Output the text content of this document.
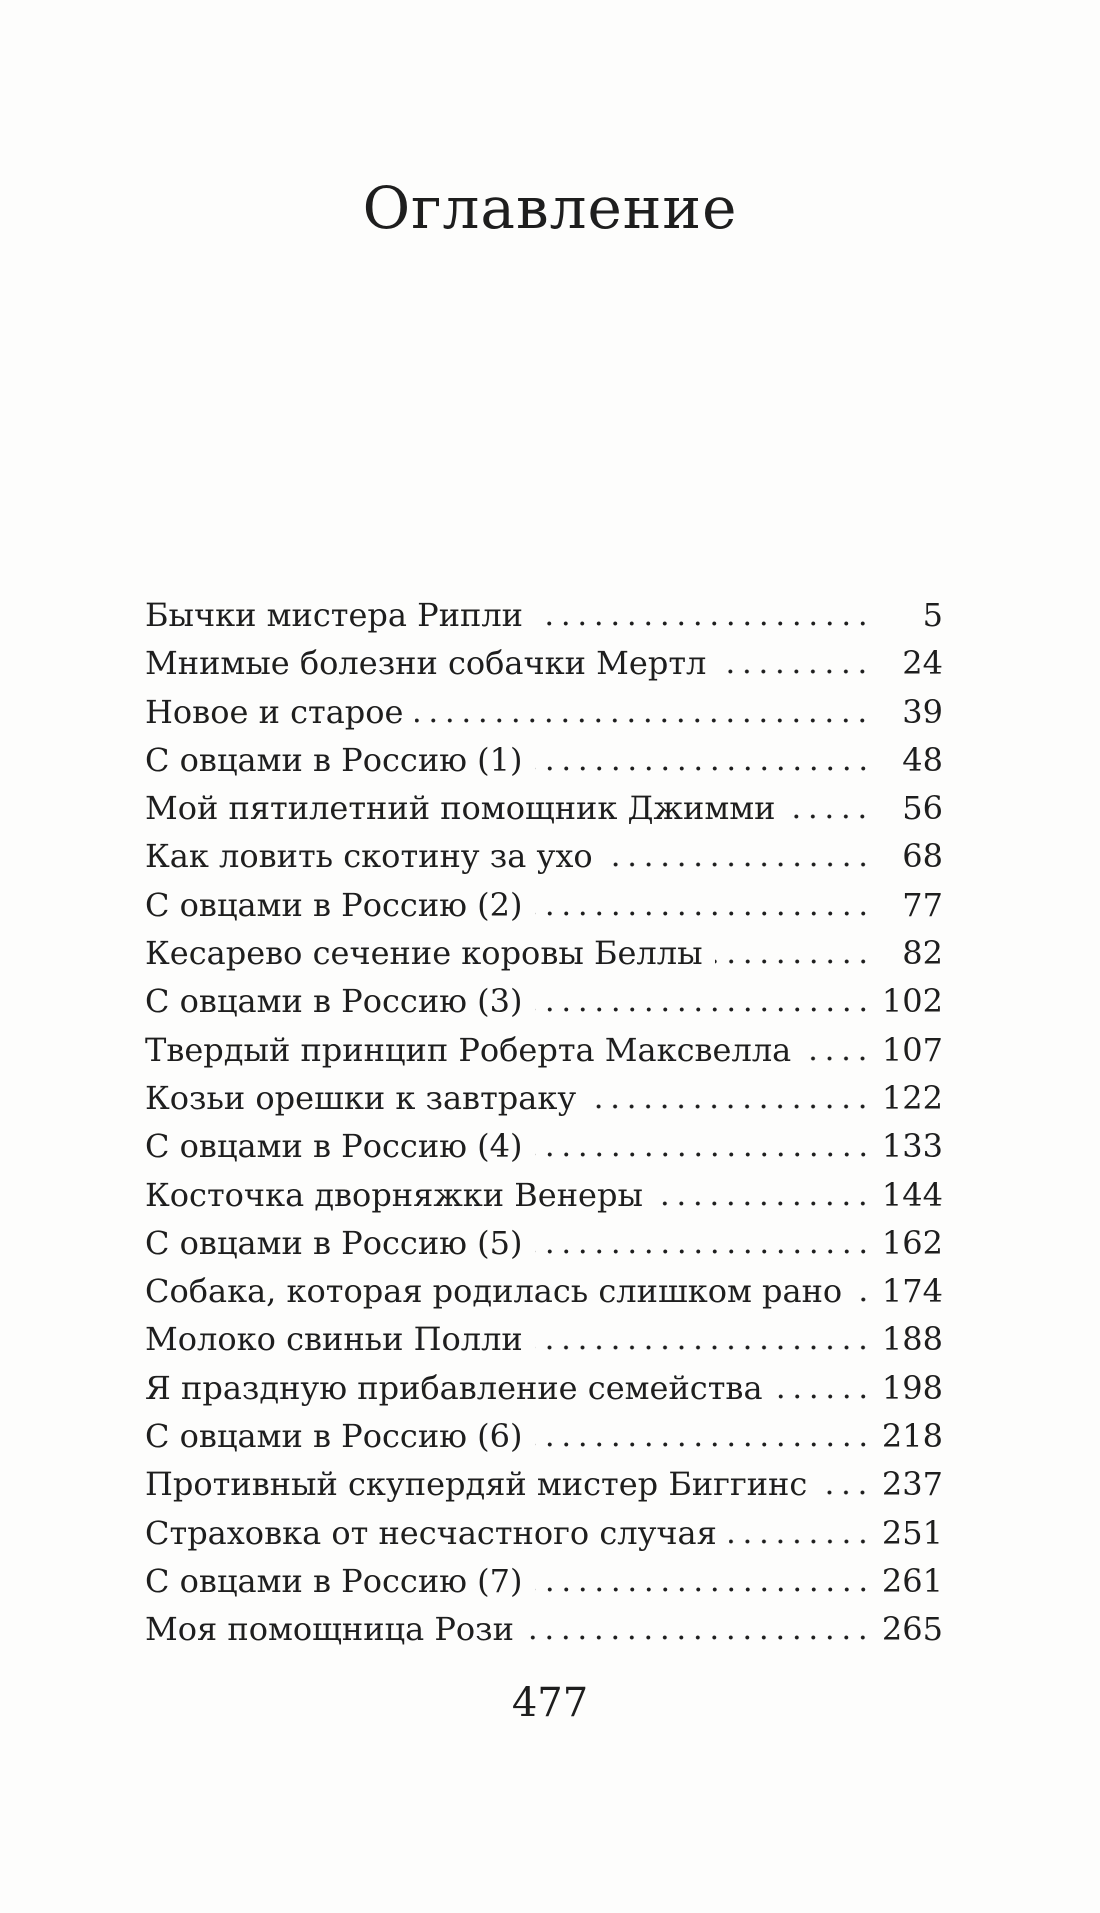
Оглавление
Бычки мистера Рипли	5
Мнимые болезни собачки Мертл	24
Новое и старое	39
С овцами в Россию (1)	48
Мой пятилетний помощник Джимми	56
Как ловить скотину за ухо	68
С овцами в Россию (2)	77
Кесарево сечение коровы Беллы	82
С овцами в Россию (3)	102
Твердый принцип Роберта Максвелла	107
Козьи орешки к завтраку	122
С овцами в Россию (4)	133
Косточка дворняжки Венеры	144
С овцами в Россию (5)	162
Собака, которая родилась слишком рано 174
Молоко свиньи Полли	188
Я праздную прибавление семейства	198
С овцами в Россию (6)	218
Противный скупердяй мистер Биггинс 237
Страховка от несчастного случая	251
С овцами в Россию (7)	261
Моя помощница Рози	265
477
